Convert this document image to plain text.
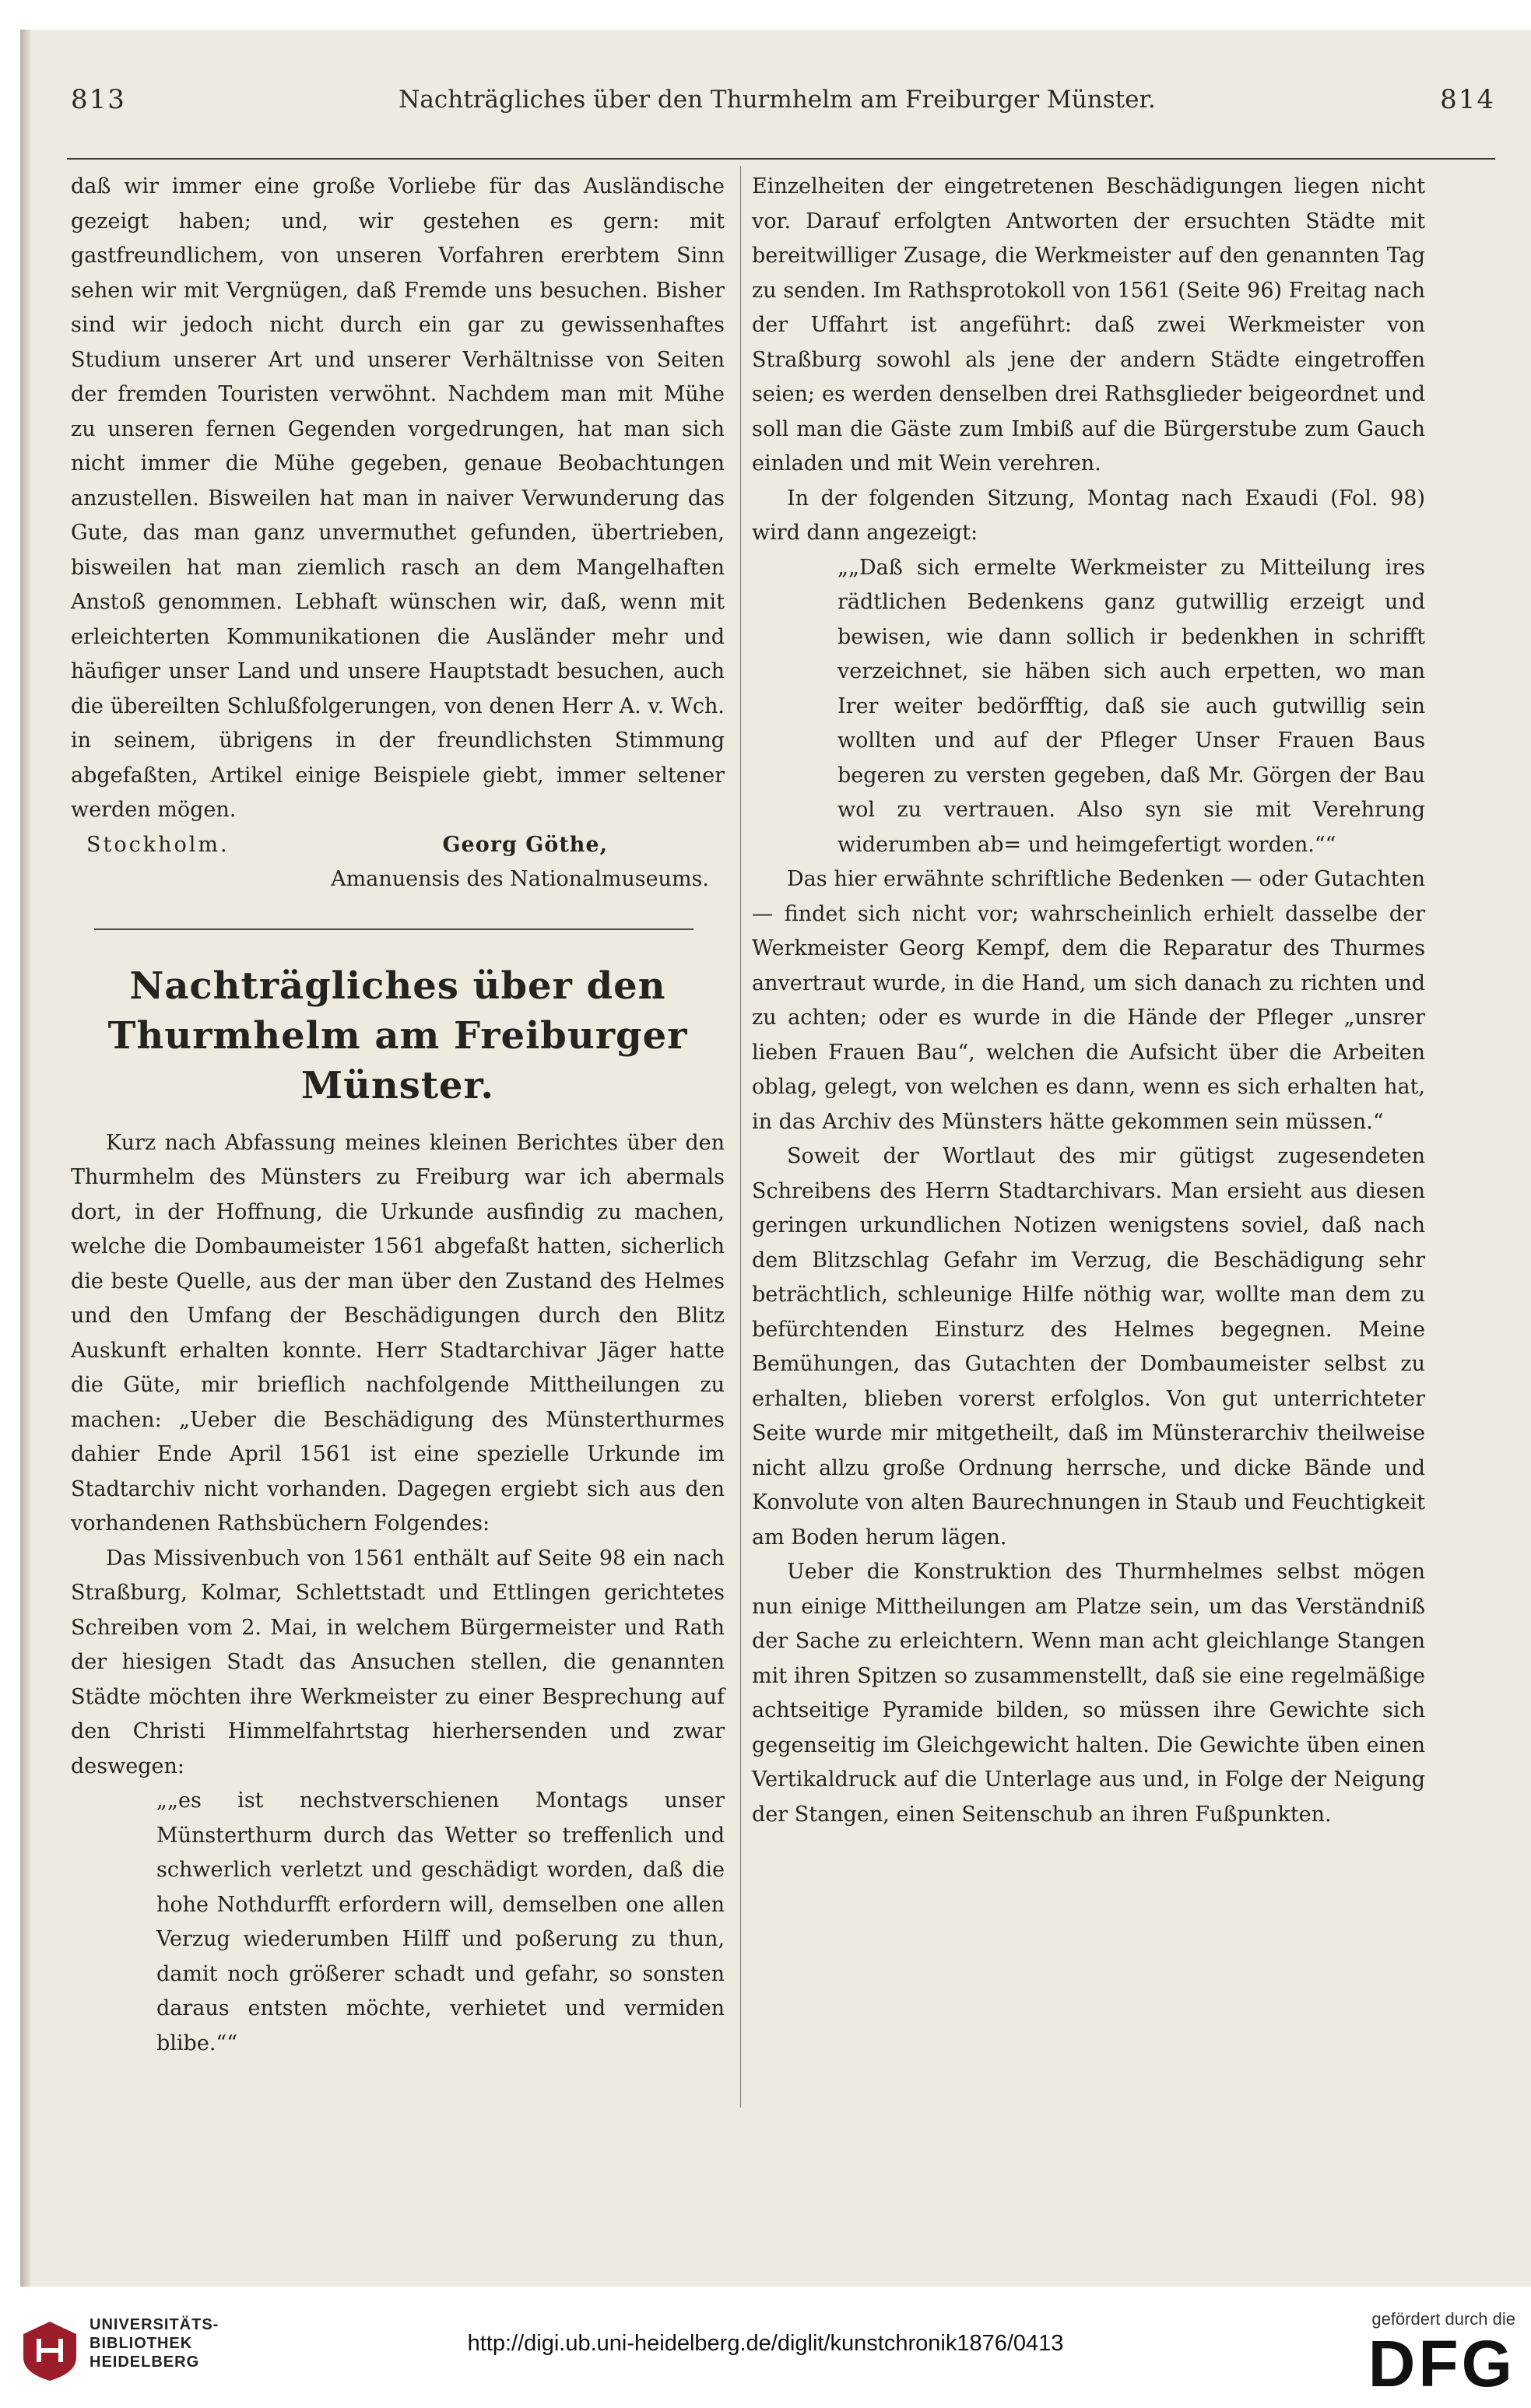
813	Nachträgliches über den Thurmhelm am Freiburger Münster.	814

daß wir immer eine große Vorliebe für das Ausländische gezeigt haben; und, wir gestehen es gern: mit gastfreundlichem, von unseren Vorfahren ererbtem Sinn sehen wir mit Vergnügen, daß Fremde uns besuchen. Bisher sind wir jedoch nicht durch ein gar zu gewissenhaftes Studium unserer Art und unserer Verhältnisse von Seiten der fremden Touristen verwöhnt. Nachdem man mit Mühe zu unseren fernen Gegenden vorgedrungen, hat man sich nicht immer die Mühe gegeben, genaue Beobachtungen anzustellen. Bisweilen hat man in naiver Verwunderung das Gute, das man ganz unvermuthet gefunden, übertrieben, bisweilen hat man ziemlich rasch an dem Mangelhaften Anstoß genommen. Lebhaft wünschen wir, daß, wenn mit erleichterten Kommunikationen die Ausländer mehr und häufiger unser Land und unsere Hauptstadt besuchen, auch die übereilten Schlußfolgerungen, von denen Herr A. v. Wch. in seinem, übrigens in der freundlichsten Stimmung abgefaßten, Artikel einige Beispiele giebt, immer seltener werden mögen.

Stockholm.	Georg Göthe,
Amanuensis des Nationalmuseums.
Nachträgliches über den Thurmhelm am Freiburger Münster.

Kurz nach Abfassung meines kleinen Berichtes über den Thurmhelm des Münsters zu Freiburg war ich abermals dort, in der Hoffnung, die Urkunde ausfindig zu machen, welche die Dombaumeister 1561 abgefaßt hatten, sicherlich die beste Quelle, aus der man über den Zustand des Helmes und den Umfang der Beschädigungen durch den Blitz Auskunft erhalten konnte. Herr Stadtarchivar Jäger hatte die Güte, mir brieflich nachfolgende Mittheilungen zu machen: „Ueber die Beschädigung des Münsterthurmes dahier Ende April 1561 ist eine spezielle Urkunde im Stadtarchiv nicht vorhanden. Dagegen ergiebt sich aus den vorhandenen Rathsbüchern Folgendes:

Das Missivenbuch von 1561 enthält auf Seite 98 ein nach Straßburg, Kolmar, Schlettstadt und Ettlingen gerichtetes Schreiben vom 2. Mai, in welchem Bürgermeister und Rath der hiesigen Stadt das Ansuchen stellen, die genannten Städte möchten ihre Werkmeister zu einer Besprechung auf den Christi Himmelfahrtstag hierhersenden und zwar deswegen:

„„es ist nechstverschienen Montags unser Münsterthurm durch das Wetter so treffenlich und schwerlich verletzt und geschädigt worden, daß die hohe Nothdurfft erfordern will, demselben one allen Verzug wiederumben Hilff und poßerung zu thun, damit noch größerer schadt und gefahr, so sonsten daraus entsten möchte, verhietet und vermiden blibe.““

Einzelheiten der eingetretenen Beschädigungen liegen nicht vor. Darauf erfolgten Antworten der ersuchten Städte mit bereitwilliger Zusage, die Werkmeister auf den genannten Tag zu senden. Im Rathsprotokoll von 1561 (Seite 96) Freitag nach der Uffahrt ist angeführt: daß zwei Werkmeister von Straßburg sowohl als jene der andern Städte eingetroffen seien; es werden denselben drei Rathsglieder beigeordnet und soll man die Gäste zum Imbiß auf die Bürgerstube zum Gauch einladen und mit Wein verehren.

In der folgenden Sitzung, Montag nach Exaudi (Fol. 98) wird dann angezeigt:

„„Daß sich ermelte Werkmeister zu Mitteilung ires rädtlichen Bedenkens ganz gutwillig erzeigt und bewisen, wie dann sollich ir bedenkhen in schrifft verzeichnet, sie häben sich auch erpetten, wo man Irer weiter bedörfftig, daß sie auch gutwillig sein wollten und auf der Pfleger Unser Frauen Baus begeren zu versten gegeben, daß Mr. Görgen der Bau wol zu vertrauen. Also syn sie mit Verehrung widerumben ab= und heimgefertigt worden.““

Das hier erwähnte schriftliche Bedenken — oder Gutachten — findet sich nicht vor; wahrscheinlich erhielt dasselbe der Werkmeister Georg Kempf, dem die Reparatur des Thurmes anvertraut wurde, in die Hand, um sich danach zu richten und zu achten; oder es wurde in die Hände der Pfleger „unsrer lieben Frauen Bau“, welchen die Aufsicht über die Arbeiten oblag, gelegt, von welchen es dann, wenn es sich erhalten hat, in das Archiv des Münsters hätte gekommen sein müssen.“

Soweit der Wortlaut des mir gütigst zugesendeten Schreibens des Herrn Stadtarchivars. Man ersieht aus diesen geringen urkundlichen Notizen wenigstens soviel, daß nach dem Blitzschlag Gefahr im Verzug, die Beschädigung sehr beträchtlich, schleunige Hilfe nöthig war, wollte man dem zu befürchtenden Einsturz des Helmes begegnen. Meine Bemühungen, das Gutachten der Dombaumeister selbst zu erhalten, blieben vorerst erfolglos. Von gut unterrichteter Seite wurde mir mitgetheilt, daß im Münsterarchiv theilweise nicht allzu große Ordnung herrsche, und dicke Bände und Konvolute von alten Baurechnungen in Staub und Feuchtigkeit am Boden herum lägen.

Ueber die Konstruktion des Thurmhelmes selbst mögen nun einige Mittheilungen am Platze sein, um das Verständniß der Sache zu erleichtern. Wenn man acht gleichlange Stangen mit ihren Spitzen so zusammenstellt, daß sie eine regelmäßige achtseitige Pyramide bilden, so müssen ihre Gewichte sich gegenseitig im Gleichgewicht halten. Die Gewichte üben einen Vertikaldruck auf die Unterlage aus und, in Folge der Neigung der Stangen, einen Seitenschub an ihren Fußpunkten.

UNIVERSITÄTS-
BIBLIOTHEK
HEIDELBERG
http://digi.ub.uni-heidelberg.de/diglit/kunstchronik1876/0413
gefördert durch die
DFG
